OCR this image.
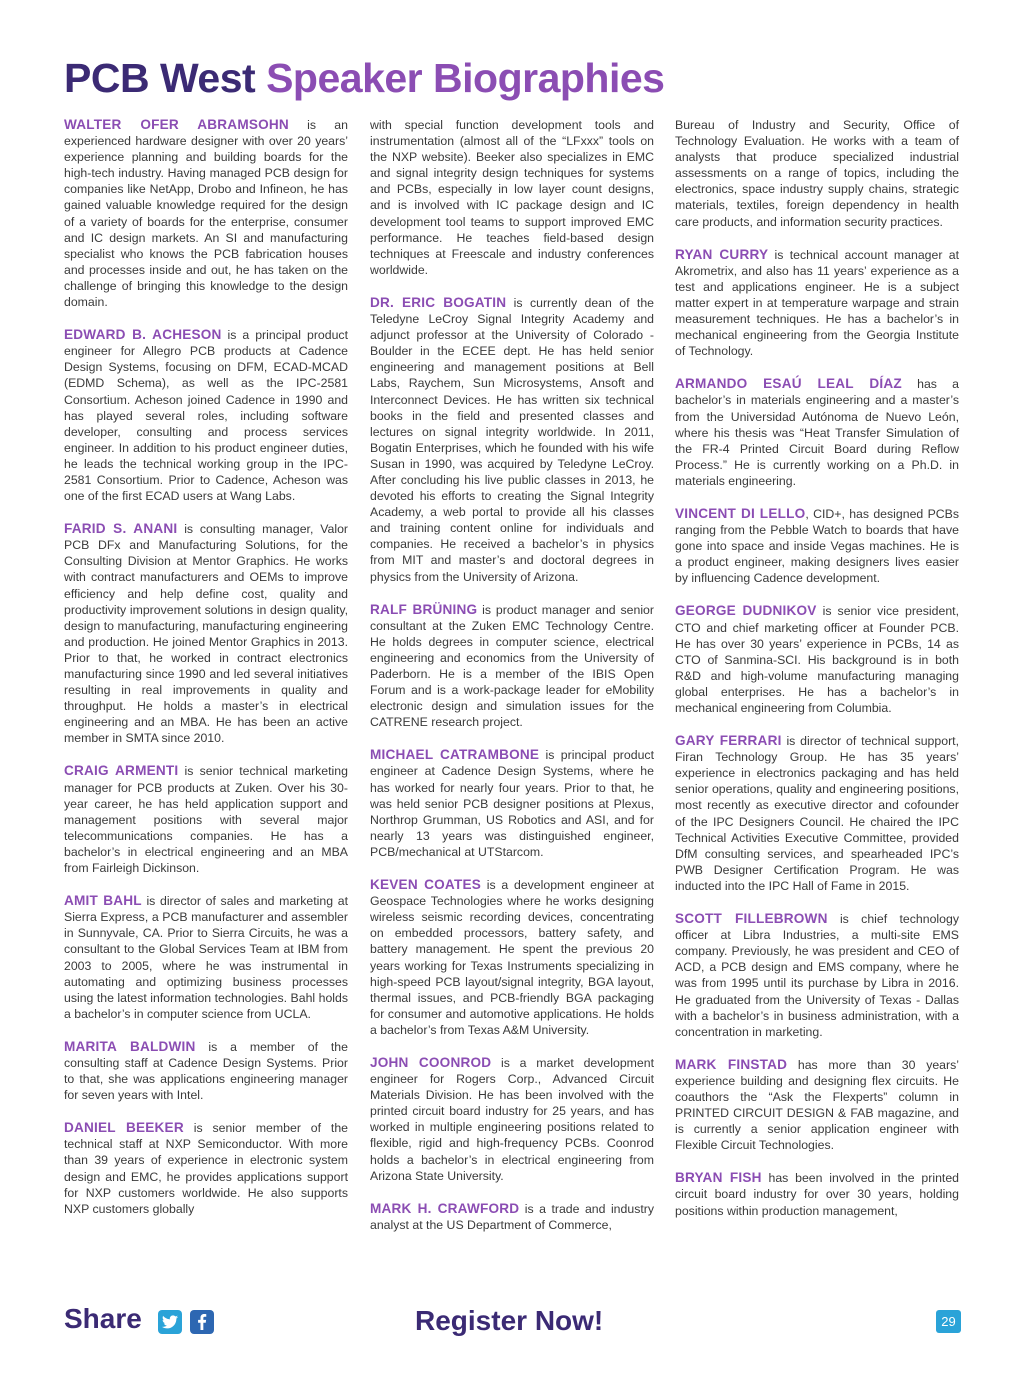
PCB West Speaker Biographies

WALTER OFER ABRAMSOHN is an experienced hardware designer with over 20 years’ experience planning and building boards for the high-tech industry. Having managed PCB design for companies like NetApp, Drobo and Infineon, he has gained valuable knowledge required for the design of a variety of boards for the enterprise, consumer and IC design markets. An SI and manufacturing specialist who knows the PCB fabrication houses and processes inside and out, he has taken on the challenge of bringing this knowledge to the design domain.

EDWARD B. ACHESON is a principal product engineer for Allegro PCB products at Cadence Design Systems, focusing on DFM, ECAD-MCAD (EDMD Schema), as well as the IPC-2581 Consortium. Acheson joined Cadence in 1990 and has played several roles, including software developer, consulting and process services engineer. In addition to his product engineer duties, he leads the technical working group in the IPC-2581 Consortium. Prior to Cadence, Acheson was one of the first ECAD users at Wang Labs.

FARID S. ANANI is consulting manager, Valor PCB DFx and Manufacturing Solutions, for the Consulting Division at Mentor Graphics. He works with contract manufacturers and OEMs to improve efficiency and help define cost, quality and productivity improvement solutions in design quality, design to manufacturing, manufacturing engineering and production. He joined Mentor Graphics in 2013. Prior to that, he worked in contract electronics manufacturing since 1990 and led several initiatives resulting in real improvements in quality and throughput. He holds a master’s in electrical engineering and an MBA. He has been an active member in SMTA since 2010.

CRAIG ARMENTI is senior technical marketing manager for PCB products at Zuken. Over his 30-year career, he has held application support and management positions with several major telecommunications companies. He has a bachelor’s in electrical engineering and an MBA from Fairleigh Dickinson.

AMIT BAHL is director of sales and marketing at Sierra Express, a PCB manufacturer and assembler in Sunnyvale, CA. Prior to Sierra Circuits, he was a consultant to the Global Services Team at IBM from 2003 to 2005, where he was instrumental in automating and optimizing business processes using the latest information technologies. Bahl holds a bachelor’s in computer science from UCLA.

MARITA BALDWIN is a member of the consulting staff at Cadence Design Systems. Prior to that, she was applications engineering manager for seven years with Intel.

DANIEL BEEKER is senior member of the technical staff at NXP Semiconductor. With more than 39 years of experience in electronic system design and EMC, he provides applications support for NXP customers worldwide. He also supports NXP customers globally

with special function development tools and instrumentation (almost all of the “LFxxx” tools on the NXP website). Beeker also specializes in EMC and signal integrity design techniques for systems and PCBs, especially in low layer count designs, and is involved with IC package design and IC development tool teams to support improved EMC performance. He teaches field-based design techniques at Freescale and industry conferences worldwide.

DR. ERIC BOGATIN is currently dean of the Teledyne LeCroy Signal Integrity Academy and adjunct professor at the University of Colorado - Boulder in the ECEE dept. He has held senior engineering and management positions at Bell Labs, Raychem, Sun Microsystems, Ansoft and Interconnect Devices. He has written six technical books in the field and presented classes and lectures on signal integrity worldwide. In 2011, Bogatin Enterprises, which he founded with his wife Susan in 1990, was acquired by Teledyne LeCroy. After concluding his live public classes in 2013, he devoted his efforts to creating the Signal Integrity Academy, a web portal to provide all his classes and training content online for individuals and companies. He received a bachelor’s in physics from MIT and master’s and doctoral degrees in physics from the University of Arizona.

RALF BRÜNING is product manager and senior consultant at the Zuken EMC Technology Centre. He holds degrees in computer science, electrical engineering and economics from the University of Paderborn. He is a member of the IBIS Open Forum and is a work-package leader for eMobility electronic design and simulation issues for the CATRENE research project.

MICHAEL CATRAMBONE is principal product engineer at Cadence Design Systems, where he has worked for nearly four years. Prior to that, he was held senior PCB designer positions at Plexus, Northrop Grumman, US Robotics and ASI, and for nearly 13 years was distinguished engineer, PCB/mechanical at UTStarcom.

KEVEN COATES is a development engineer at Geospace Technologies where he works designing wireless seismic recording devices, concentrating on embedded processors, battery safety, and battery management. He spent the previous 20 years working for Texas Instruments specializing in high-speed PCB layout/signal integrity, BGA layout, thermal issues, and PCB-friendly BGA packaging for consumer and automotive applications. He holds a bachelor’s from Texas A&M University.

JOHN COONROD is a market development engineer for Rogers Corp., Advanced Circuit Materials Division. He has been involved with the printed circuit board industry for 25 years, and has worked in multiple engineering positions related to flexible, rigid and high-frequency PCBs. Coonrod holds a bachelor’s in electrical engineering from Arizona State University.

MARK H. CRAWFORD is a trade and industry analyst at the US Department of Commerce,

Bureau of Industry and Security, Office of Technology Evaluation. He works with a team of analysts that produce specialized industrial assessments on a range of topics, including the electronics, space industry supply chains, strategic materials, textiles, foreign dependency in health care products, and information security practices.

RYAN CURRY is technical account manager at Akrometrix, and also has 11 years’ experience as a test and applications engineer. He is a subject matter expert in at temperature warpage and strain measurement techniques. He has a bachelor’s in mechanical engineering from the Georgia Institute of Technology.

ARMANDO ESAÚ LEAL DÍAZ has a bachelor’s in materials engineering and a master’s from the Universidad Autónoma de Nuevo León, where his thesis was “Heat Transfer Simulation of the FR-4 Printed Circuit Board during Reflow Process.” He is currently working on a Ph.D. in materials engineering.

VINCENT DI LELLO, CID+, has designed PCBs ranging from the Pebble Watch to boards that have gone into space and inside Vegas machines. He is a product engineer, making designers lives easier by influencing Cadence development.

GEORGE DUDNIKOV is senior vice president, CTO and chief marketing officer at Founder PCB. He has over 30 years’ experience in PCBs, 14 as CTO of Sanmina-SCI. His background is in both R&D and high-volume manufacturing managing global enterprises. He has a bachelor’s in mechanical engineering from Columbia.

GARY FERRARI is director of technical support, Firan Technology Group. He has 35 years’ experience in electronics packaging and has held senior operations, quality and engineering positions, most recently as executive director and cofounder of the IPC Designers Council. He chaired the IPC Technical Activities Executive Committee, provided DfM consulting services, and spearheaded IPC’s PWB Designer Certification Program. He was inducted into the IPC Hall of Fame in 2015.

SCOTT FILLEBROWN is chief technology officer at Libra Industries, a multi-site EMS company. Previously, he was president and CEO of ACD, a PCB design and EMS company, where he was from 1995 until its purchase by Libra in 2016. He graduated from the University of Texas - Dallas with a bachelor’s in business administration, with a concentration in marketing.

MARK FINSTAD has more than 30 years’ experience building and designing flex circuits. He coauthors the “Ask the Flexperts” column in PRINTED CIRCUIT DESIGN & FAB magazine, and is currently a senior application engineer with Flexible Circuit Technologies.

BRYAN FISH has been involved in the printed circuit board industry for over 30 years, holding positions within production management,

Share	Register Now!	29
